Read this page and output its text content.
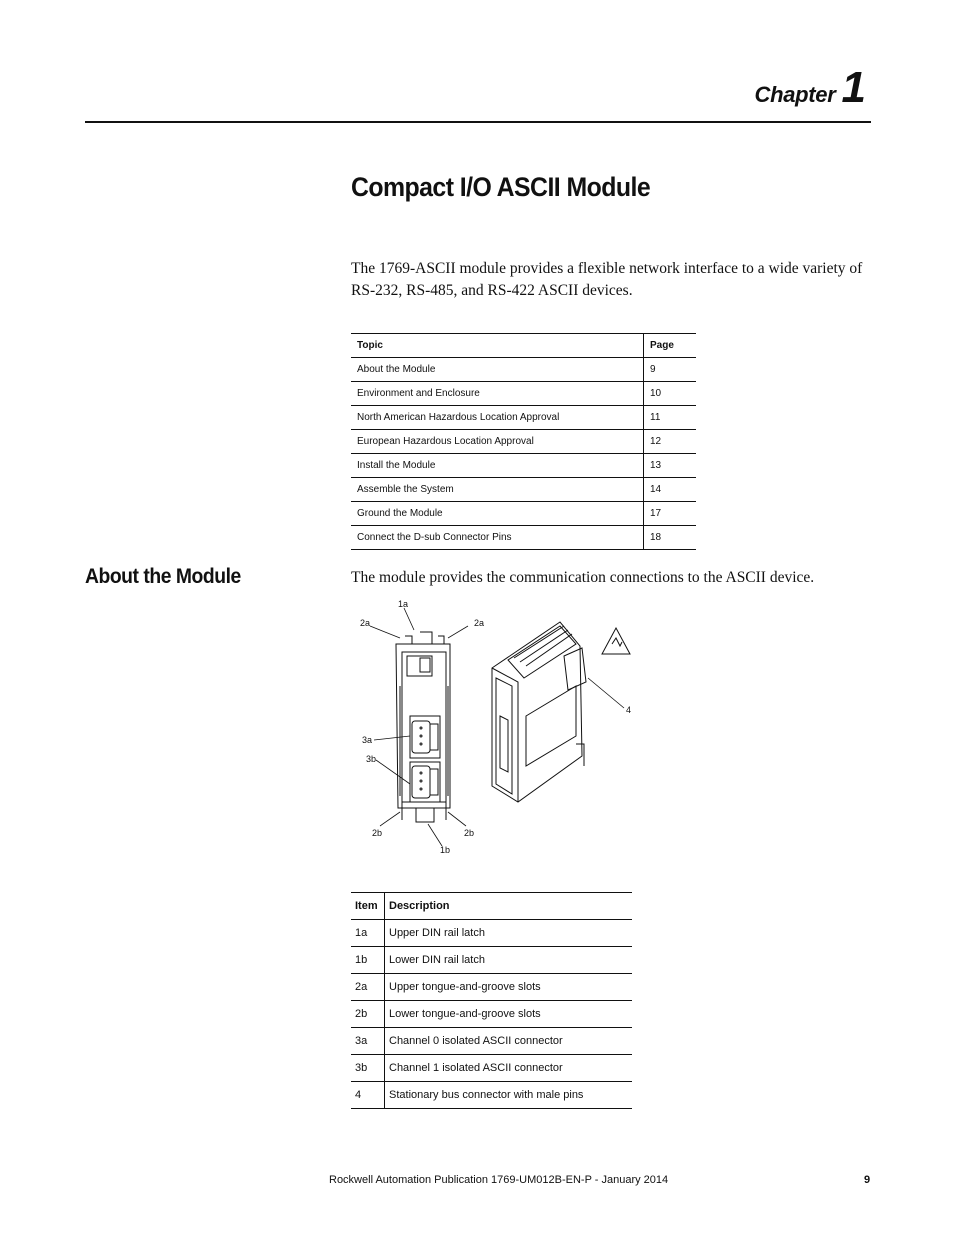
Chapter 1
Compact I/O ASCII Module

The 1769-ASCII module provides a flexible network interface to a wide variety of RS-232, RS-485, and RS-422 ASCII devices.

Topic	Page
About the Module	9
Environment and Enclosure	10
North American Hazardous Location Approval	11
European Hazardous Location Approval	12
Install the Module	13
Assemble the System	14
Ground the Module	17
Connect the D-sub Connector Pins	18
About the Module	The module provides the communication connections to the ASCII device.

1a
2a	2a
3a
3b
4
2b	2b
1b
Item	Description
1a	Upper DIN rail latch
1b	Lower DIN rail latch
2a	Upper tongue-and-groove slots
2b	Lower tongue-and-groove slots
3a	Channel 0 isolated ASCII connector
3b	Channel 1 isolated ASCII connector
4	Stationary bus connector with male pins
Rockwell Automation Publication 1769-UM012B-EN-P - January 2014	9
